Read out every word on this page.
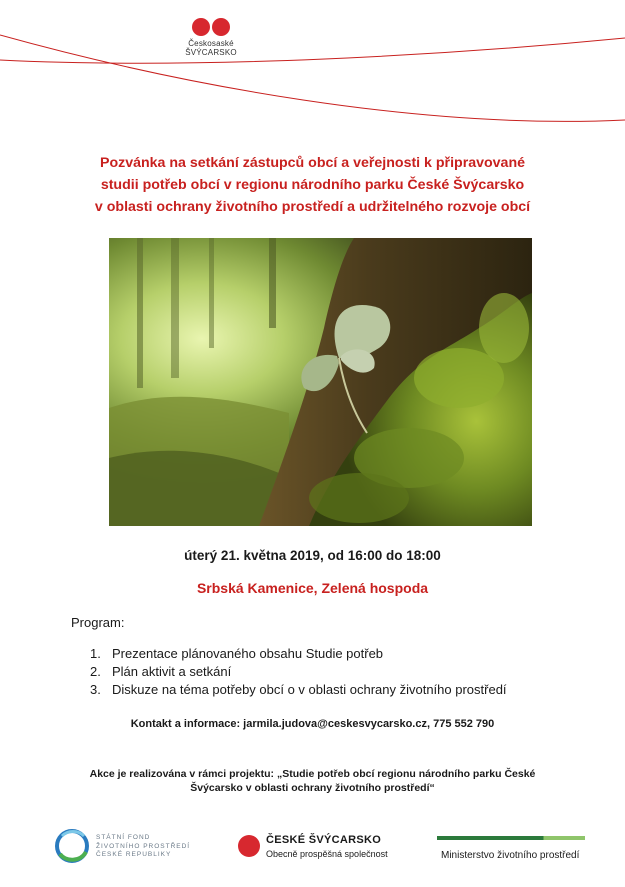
Českosaské
ŠVÝCARSKO
Pozvánka na setkání zástupců obcí a veřejnosti k připravované
studii potřeb obcí v regionu národního parku České Švýcarsko
v oblasti ochrany životního prostředí a udržitelného rozvoje obcí
úterý 21. května 2019, od 16:00 do 18:00
Srbská Kamenice, Zelená hospoda
Program:
1. Prezentace plánovaného obsahu Studie potřeb
2. Plán aktivit a setkání
3. Diskuze na téma potřeby obcí o v oblasti ochrany životního prostředí
Kontakt a informace: jarmila.judova@ceskesvycarsko.cz, 775 552 790
Akce je realizována v rámci projektu: „Studie potřeb obcí regionu národního parku České
Švýcarsko v oblasti ochrany životního prostředí“
STÁTNÍ FOND
ŽIVOTNÍHO PROSTŘEDÍ
ČESKÉ REPUBLIKY
ČESKÉ ŠVÝCARSKO
Obecně prospěšná společnost	Ministerstvo životního prostředí
